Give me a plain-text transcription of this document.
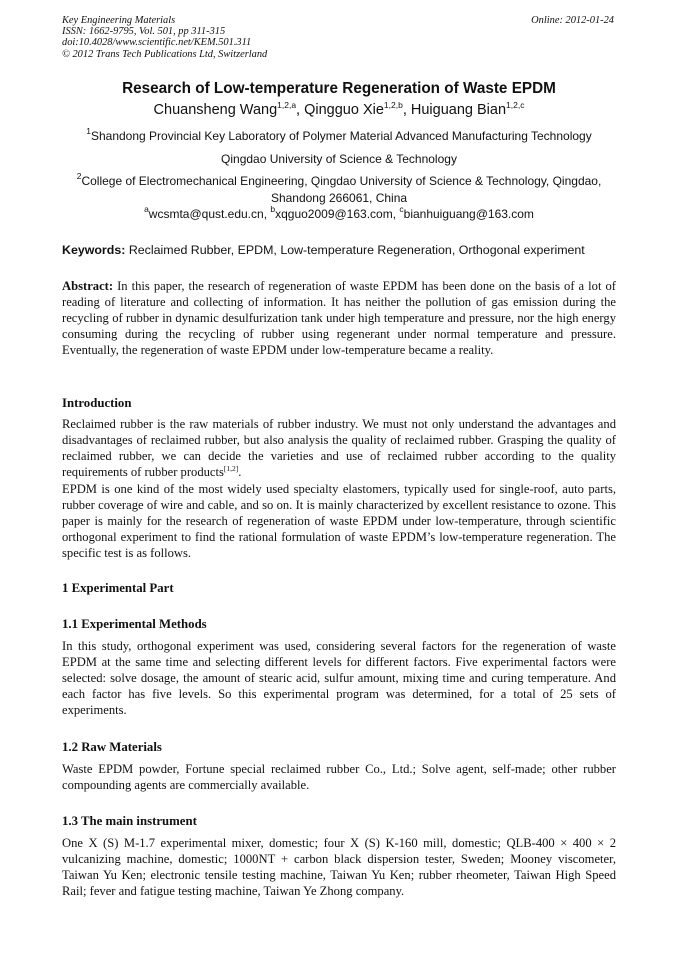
Key Engineering Materials
ISSN: 1662-9795, Vol. 501, pp 311-315
doi:10.4028/www.scientific.net/KEM.501.311
© 2012 Trans Tech Publications Ltd, Switzerland
Online: 2012-01-24
Research of Low-temperature Regeneration of Waste EPDM
Chuansheng Wang$^{1,2,a}$, Qingguo Xie$^{1,2,b}$, Huiguang Bian$^{1,2,c}$
$^1$Shandong Provincial Key Laboratory of Polymer Material Advanced Manufacturing Technology
Qingdao University of Science & Technology
$^2$College of Electromechanical Engineering, Qingdao University of Science & Technology, Qingdao, Shandong 266061, China
$^a$wcsmta@qust.edu.cn, $^b$xqguo2009@163.com, $^c$bianhuiguang@163.com
Keywords: Reclaimed Rubber, EPDM, Low-temperature Regeneration, Orthogonal experiment
Abstract: In this paper, the research of regeneration of waste EPDM has been done on the basis of a lot of reading of literature and collecting of information. It has neither the pollution of gas emission during the recycling of rubber in dynamic desulfurization tank under high temperature and pressure, nor the high energy consuming during the recycling of rubber using regenerant under normal temperature and pressure. Eventually, the regeneration of waste EPDM under low-temperature became a reality.
Introduction
Reclaimed rubber is the raw materials of rubber industry. We must not only understand the advantages and disadvantages of reclaimed rubber, but also analysis the quality of reclaimed rubber. Grasping the quality of reclaimed rubber, we can decide the varieties and use of reclaimed rubber according to the quality requirements of rubber products[1,2].
EPDM is one kind of the most widely used specialty elastomers, typically used for single-roof, auto parts, rubber coverage of wire and cable, and so on. It is mainly characterized by excellent resistance to ozone. This paper is mainly for the research of regeneration of waste EPDM under low-temperature, through scientific orthogonal experiment to find the rational formulation of waste EPDM’s low-temperature regeneration. The specific test is as follows.
1 Experimental Part
1.1 Experimental Methods
In this study, orthogonal experiment was used, considering several factors for the regeneration of waste EPDM at the same time and selecting different levels for different factors. Five experimental factors were selected: solve dosage, the amount of stearic acid, sulfur amount, mixing time and curing temperature. And each factor has five levels. So this experimental program was determined, for a total of 25 sets of experiments.
1.2 Raw Materials
Waste EPDM powder, Fortune special reclaimed rubber Co., Ltd.; Solve agent, self-made; other rubber compounding agents are commercially available.
1.3 The main instrument
One X (S) M-1.7 experimental mixer, domestic; four X (S) K-160 mill, domestic; QLB-400 × 400 × 2 vulcanizing machine, domestic; 1000NT + carbon black dispersion tester, Sweden; Mooney viscometer, Taiwan Yu Ken; electronic tensile testing machine, Taiwan Yu Ken; rubber rheometer, Taiwan High Speed Rail; fever and fatigue testing machine, Taiwan Ye Zhong company.
